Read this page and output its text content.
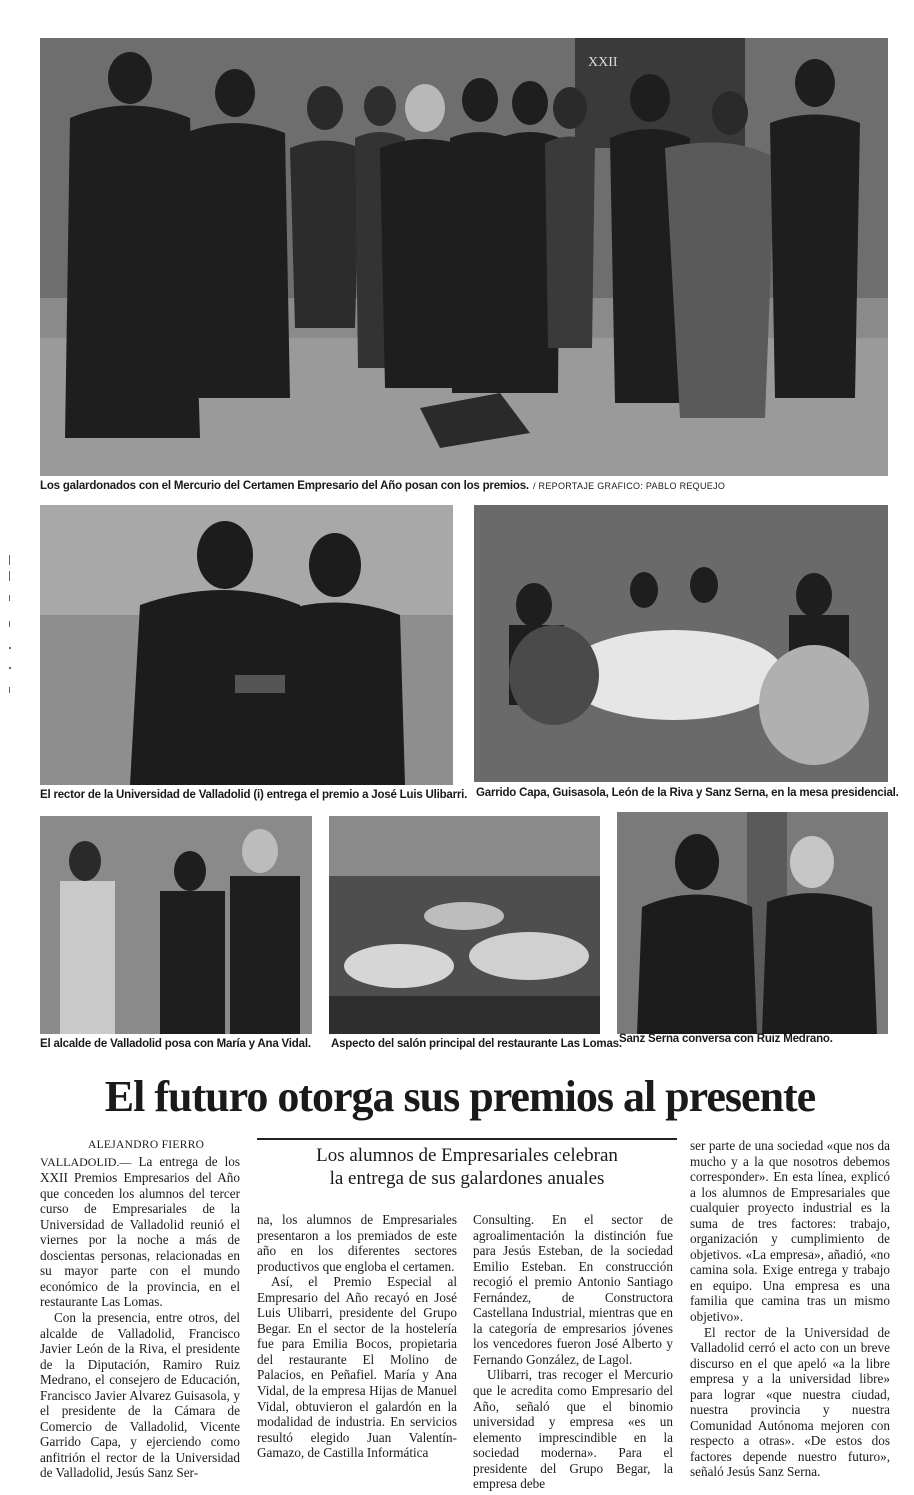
XXII
Los galardonados con el Mercurio del Certamen Empresario del Año posan con los premios. / REPORTAJE GRAFICO: PABLO REQUEJO
El rector de la Universidad de Valladolid (i) entrega el premio a José Luis Ulibarri. Garrido Capa, Guisasola, León de la Riva y Sanz Serna, en la mesa presidencial.
El alcalde de Valladolid posa con María y Ana Vidal. Aspecto del salón principal del restaurante Las Lomas.
Sanz Serna conversa con Ruiz Medrano.
El futuro otorga sus premios al presente
ALEJANDRO FIERRO

VALLADOLID.— La entrega de los XXII Premios Empresarios del Año que conceden los alumnos del tercer curso de Empresariales de la Universidad de Valladolid reunió el viernes por la noche a más de doscientas personas, relacionadas en su mayor parte con el mundo económico de la provincia, en el restaurante Las Lomas.

Con la presencia, entre otros, del alcalde de Valladolid, Francisco Javier León de la Riva, el presidente de la Diputación, Ramiro Ruiz Medrano, el consejero de Educación, Francisco Javier Alvarez Guisasola, y el presidente de la Cámara de Comercio de Valladolid, Vicente Garrido Capa, y ejerciendo como anfitrión el rector de la Universidad de Valladolid, Jesús Sanz Ser-

Los alumnos de Empresariales celebran
la entrega de sus galardones anuales

na, los alumnos de Empresariales presentaron a los premiados de este año en los diferentes sectores productivos que engloba el certamen.

Así, el Premio Especial al Empresario del Año recayó en José Luis Ulibarri, presidente del Grupo Begar. En el sector de la hostelería fue para Emilia Bocos, propietaria del restaurante El Molino de Palacios, en Peñafiel. María y Ana Vidal, de la empresa Hijas de Manuel Vidal, obtuvieron el galardón en la modalidad de industria. En servicios resultó elegido Juan Valentín-Gamazo, de Castilla Informática

Consulting. En el sector de agroalimentación la distinción fue para Jesús Esteban, de la sociedad Emilio Esteban. En construcción recogió el premio Antonio Santiago Fernández, de Constructora Castellana Industrial, mientras que en la categoría de empresarios jóvenes los vencedores fueron José Alberto y Fernando González, de Lagol.

Ulibarri, tras recoger el Mercurio que le acredita como Empresario del Año, señaló que el binomio universidad y empresa «es un elemento imprescindible en la sociedad moderna». Para el presidente del Grupo Begar, la empresa debe

ser parte de una sociedad «que nos da mucho y a la que nosotros debemos corresponder». En esta línea, explicó a los alumnos de Empresariales que cualquier proyecto industrial es la suma de tres factores: trabajo, organización y cumplimiento de objetivos. «La empresa», añadió, «no camina sola. Exige entrega y trabajo en equipo. Una empresa es una familia que camina tras un mismo objetivo».

El rector de la Universidad de Valladolid cerró el acto con un breve discurso en el que apeló «a la libre empresa y a la universidad libre» para lograr «que nuestra ciudad, nuestra provincia y nuestra Comunidad Autónoma mejoren con respecto a otras». «De estos dos factores depende nuestro futuro», señaló Jesús Sanz Serna.
